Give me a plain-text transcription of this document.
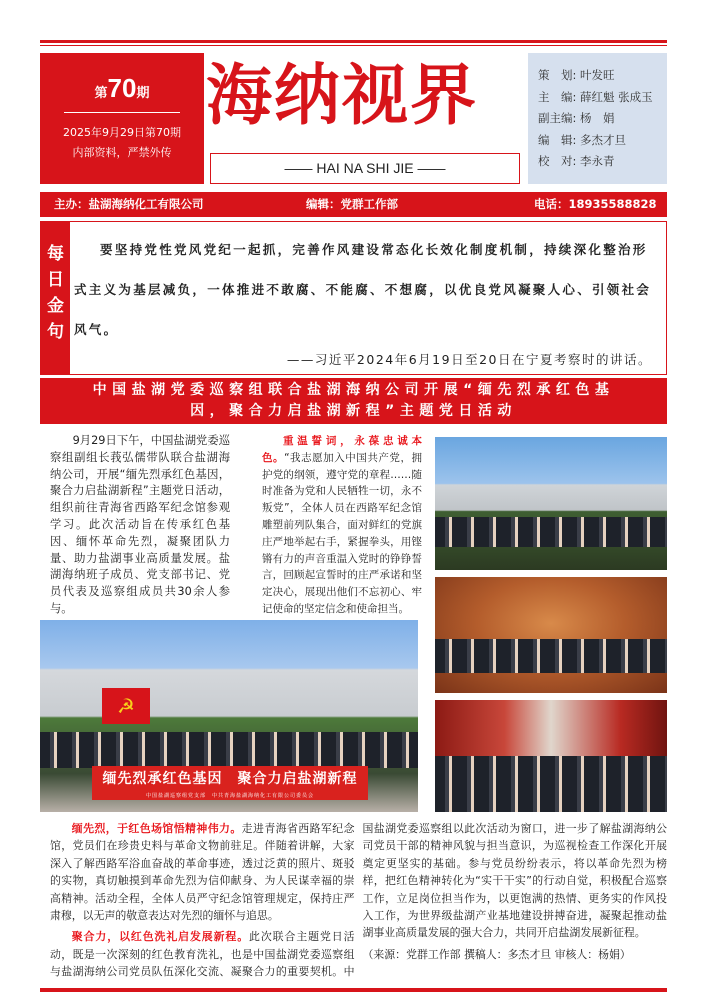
第70期
2025年9月29日第70期
内部资料，严禁外传
海纳视界
—— HAI NA SHI JIE ——
策　划: 叶发旺
主　编: 薛红魁 张成玉
副主编: 杨　娟
编　辑: 多杰才旦
校　对: 李永青
主办：盐湖海纳化工有限公司	编辑：党群工作部	电话：18935588828
每
日
金
句
要坚持党性党风党纪一起抓，完善作风建设常态化长效化制度机制，持续深化整治形式主义为基层减负，一体推进不敢腐、不能腐、不想腐，以优良党风凝聚人心、引领社会风气。
——习近平2024年6月19日至20日在宁夏考察时的讲话。
中国盐湖党委巡察组联合盐湖海纳公司开展“缅先烈承红色基
因，聚合力启盐湖新程”主题党日活动

9月29日下午，中国盐湖党委巡察组副组长莪弘儒带队联合盐湖海纳公司，开展“缅先烈承红色基因，聚合力启盐湖新程”主题党日活动，组织前往青海省西路军纪念馆参观学习。此次活动旨在传承红色基因、缅怀革命先烈，凝聚团队力量、助力盐湖事业高质量发展。盐湖海纳班子成员、党支部书记、党员代表及巡察组成员共30余人参与。

重温誓词，永葆忠诚本色。“我志愿加入中国共产党，拥护党的纲领，遵守党的章程……随时准备为党和人民牺牲一切，永不叛党”，全体人员在西路军纪念馆雕塑前列队集合，面对鲜红的党旗庄严地举起右手，紧握拳头，用铿锵有力的声音重温入党时的铮铮誓言，回顾起宣誓时的庄严承诺和坚定决心，展现出他们不忘初心、牢记使命的坚定信念和使命担当。

☭
缅先烈承红色基因　聚合力启盐湖新程
中国盐湖巡察组党支部　中共青海盐湖海纳化工有限公司委员会

缅先烈，于红色场馆悟精神伟力。走进青海省西路军纪念馆，党员们在珍贵史料与革命文物前驻足。伴随着讲解，大家深入了解西路军浴血奋战的革命事迹，透过泛黄的照片、斑驳的实物，真切触摸到革命先烈为信仰献身、为人民谋幸福的崇高精神。活动全程，全体人员严守纪念馆管理规定，保持庄严肃穆，以无声的敬意表达对先烈的缅怀与追思。

聚合力，以红色洗礼启发展新程。此次联合主题党日活动，既是一次深刻的红色教育洗礼，也是中国盐湖党委巡察组与盐湖海纳公司党员队伍深化交流、凝聚合力的重要契机。中国盐湖党委巡察组以此次活动为窗口，进一步了解盐湖海纳公司党员干部的精神风貌与担当意识，为巡视检查工作深化开展奠定更坚实的基础。参与党员纷纷表示，将以革命先烈为榜样，把红色精神转化为“实干干实”的行动自觉，积极配合巡察工作，立足岗位担当作为，以更饱满的热情、更务实的作风投入工作，为世界级盐湖产业基地建设拼搏奋进，凝聚起推动盐湖事业高质量发展的强大合力，共同开启盐湖发展新征程。

（来源：党群工作部 撰稿人：多杰才旦 审核人：杨娟）
